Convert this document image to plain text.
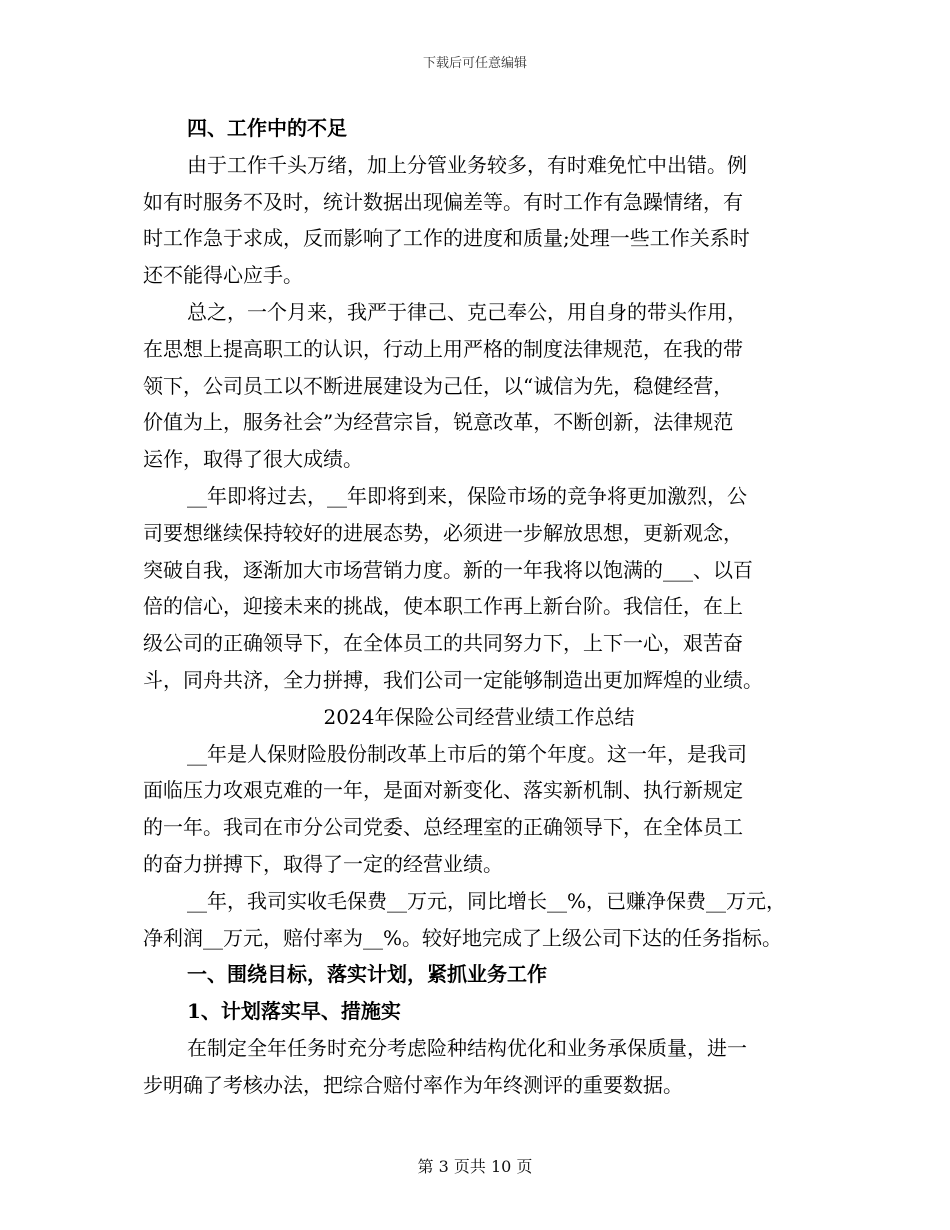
下载后可任意编辑
四、工作中的不足
由于工作千头万绪，加上分管业务较多，有时难免忙中出错。例
如有时服务不及时，统计数据出现偏差等。有时工作有急躁情绪，有
时工作急于求成，反而影响了工作的进度和质量;处理一些工作关系时
还不能得心应手。
总之，一个月来，我严于律己、克己奉公，用自身的带头作用，
在思想上提高职工的认识，行动上用严格的制度法律规范，在我的带
领下，公司员工以不断进展建设为己任，以“诚信为先，稳健经营，
价值为上，服务社会”为经营宗旨，锐意改革，不断创新，法律规范
运作，取得了很大成绩。
__年即将过去，__年即将到来，保险市场的竞争将更加激烈，公
司要想继续保持较好的进展态势，必须进一步解放思想，更新观念，
突破自我，逐渐加大市场营销力度。新的一年我将以饱满的___、以百
倍的信心，迎接未来的挑战，使本职工作再上新台阶。我信任，在上
级公司的正确领导下，在全体员工的共同努力下，上下一心，艰苦奋
斗，同舟共济，全力拼搏，我们公司一定能够制造出更加辉煌的业绩。
2024年保险公司经营业绩工作总结
__年是人保财险股份制改革上市后的第个年度。这一年，是我司
面临压力攻艰克难的一年，是面对新变化、落实新机制、执行新规定
的一年。我司在市分公司党委、总经理室的正确领导下，在全体员工
的奋力拼搏下，取得了一定的经营业绩。
__年，我司实收毛保费__万元，同比增长__%，已赚净保费__万元，
净利润__万元，赔付率为__%。较好地完成了上级公司下达的任务指标。
一、围绕目标，落实计划，紧抓业务工作
1、计划落实早、措施实
在制定全年任务时充分考虑险种结构优化和业务承保质量，进一
步明确了考核办法，把综合赔付率作为年终测评的重要数据。
第 3 页共 10 页
